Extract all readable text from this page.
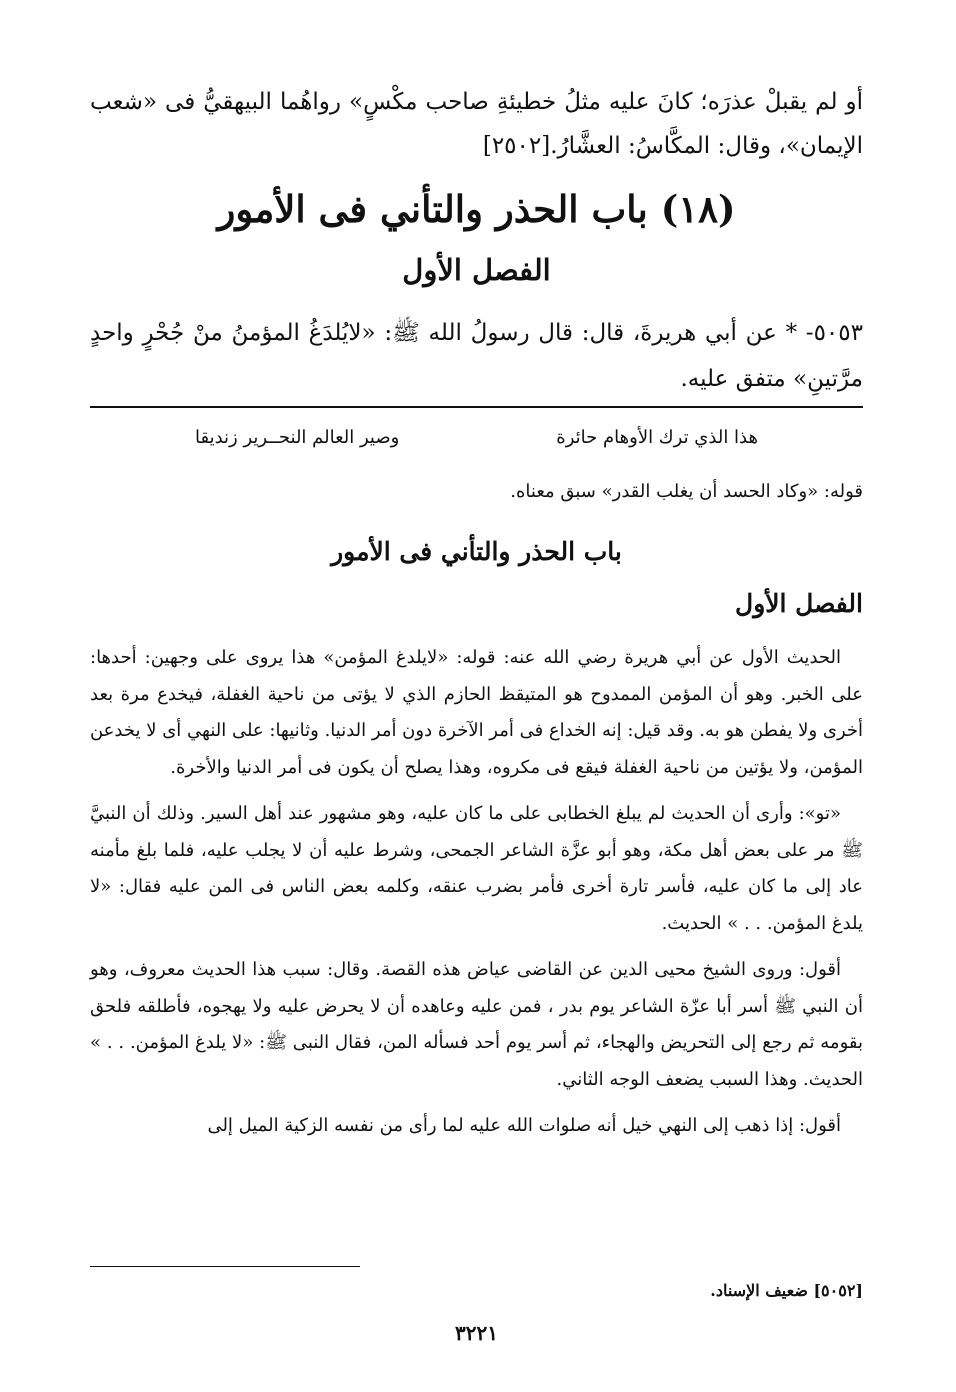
أو لم يقبلْ عذرَه؛ كانَ عليه مثلُ خطيئةِ صاحب مكْسٍ» رواهُما البيهقيُّ فى «شعب الإيمان»، وقال: المكَّاسُ: العشَّارُ.[٢٥٠٢]

(١٨) باب الحذر والتأني فى الأمور
الفصل الأول

٥٠٥٣- * عن أبي هريرةَ، قال: قال رسولُ الله ﷺ: «لايُلدَغُ المؤمنُ منْ جُحْرٍ واحدٍ مرَّتينِ» متفق عليه.

هذا الذي ترك الأوهام حائرة
وصير العالم النحــرير زنديقا
قوله: «وكاد الحسد أن يغلب القدر» سبق معناه.
باب الحذر والتأني فى الأمور
الفصل الأول

الحديث الأول عن أبي هريرة رضي الله عنه: قوله: «لايلدغ المؤمن» هذا يروى على وجهين: أحدها: على الخبر. وهو أن المؤمن الممدوح هو المتيقظ الحازم الذي لا يؤتى من ناحية الغفلة، فيخدع مرة بعد أخرى ولا يفطن هو به. وقد قيل: إنه الخداع فى أمر الآخرة دون أمر الدنيا. وثانيها: على النهي أى لا يخدعن المؤمن، ولا يؤتين من ناحية الغفلة فيقع فى مكروه، وهذا يصلح أن يكون فى أمر الدنيا والأخرة.

«تو»: وأرى أن الحديث لم يبلغ الخطابى على ما كان عليه، وهو مشهور عند أهل السير. وذلك أن النبيَّ ﷺ مر على بعض أهل مكة، وهو أبو عزَّة الشاعر الجمحى، وشرط عليه أن لا يجلب عليه، فلما بلغ مأمنه عاد إلى ما كان عليه، فأسر تارة أخرى فأمر بضرب عنقه، وكلمه بعض الناس فى المن عليه فقال: «لا يلدغ المؤمن. . . » الحديث.

أقول: وروى الشيخ محيى الدين عن القاضى عياض هذه القصة. وقال: سبب هذا الحديث معروف، وهو أن النبي ﷺ أسر أبا عزّة الشاعر يوم بدر ، فمن عليه وعاهده أن لا يحرض عليه ولا يهجوه، فأطلقه فلحق بقومه ثم رجع إلى التحريض والهجاء، ثم أسر يوم أحد فسأله المن، فقال النبى ﷺ: «لا يلدغ المؤمن. . . » الحديث. وهذا السبب يضعف الوجه الثاني.

أقول: إذا ذهب إلى النهي خيل أنه صلوات الله عليه لما رأى من نفسه الزكية الميل إلى

[٥٠٥٢] ضعيف الإسناد.
٣٢٢١
